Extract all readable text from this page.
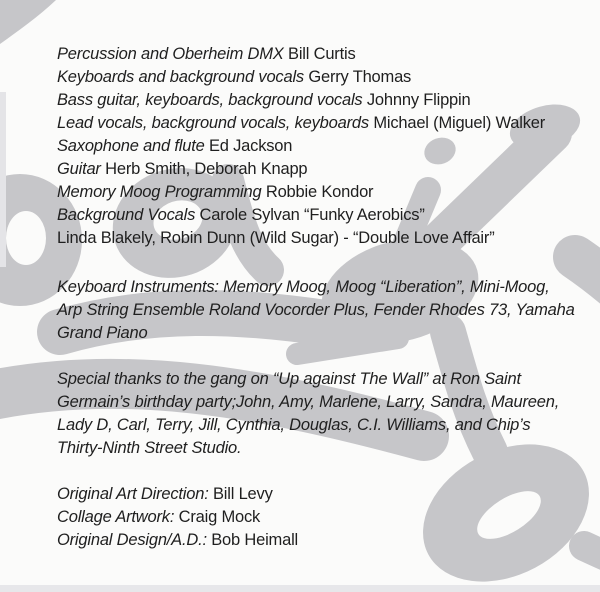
Percussion and Oberheim DMX Bill Curtis
Keyboards and background vocals Gerry Thomas
Bass guitar, keyboards, background vocals Johnny Flippin
Lead vocals, background vocals, keyboards Michael (Miguel) Walker
Saxophone and flute Ed Jackson
Guitar Herb Smith, Deborah Knapp
Memory Moog Programming Robbie Kondor
Background Vocals Carole Sylvan “Funky Aerobics”
Linda Blakely, Robin Dunn (Wild Sugar) - “Double Love Affair”
Keyboard Instruments: Memory Moog, Moog “Liberation”, Mini-Moog,
Arp String Ensemble Roland Vocorder Plus, Fender Rhodes 73, Yamaha
Grand Piano
Special thanks to the gang on “Up against The Wall” at Ron Saint
Germain’s birthday party;John, Amy, Marlene, Larry, Sandra, Maureen,
Lady D, Carl, Terry, Jill, Cynthia, Douglas, C.I. Williams, and Chip’s
Thirty-Ninth Street Studio.
Original Art Direction: Bill Levy
Collage Artwork: Craig Mock
Original Design/A.D.: Bob Heimall
